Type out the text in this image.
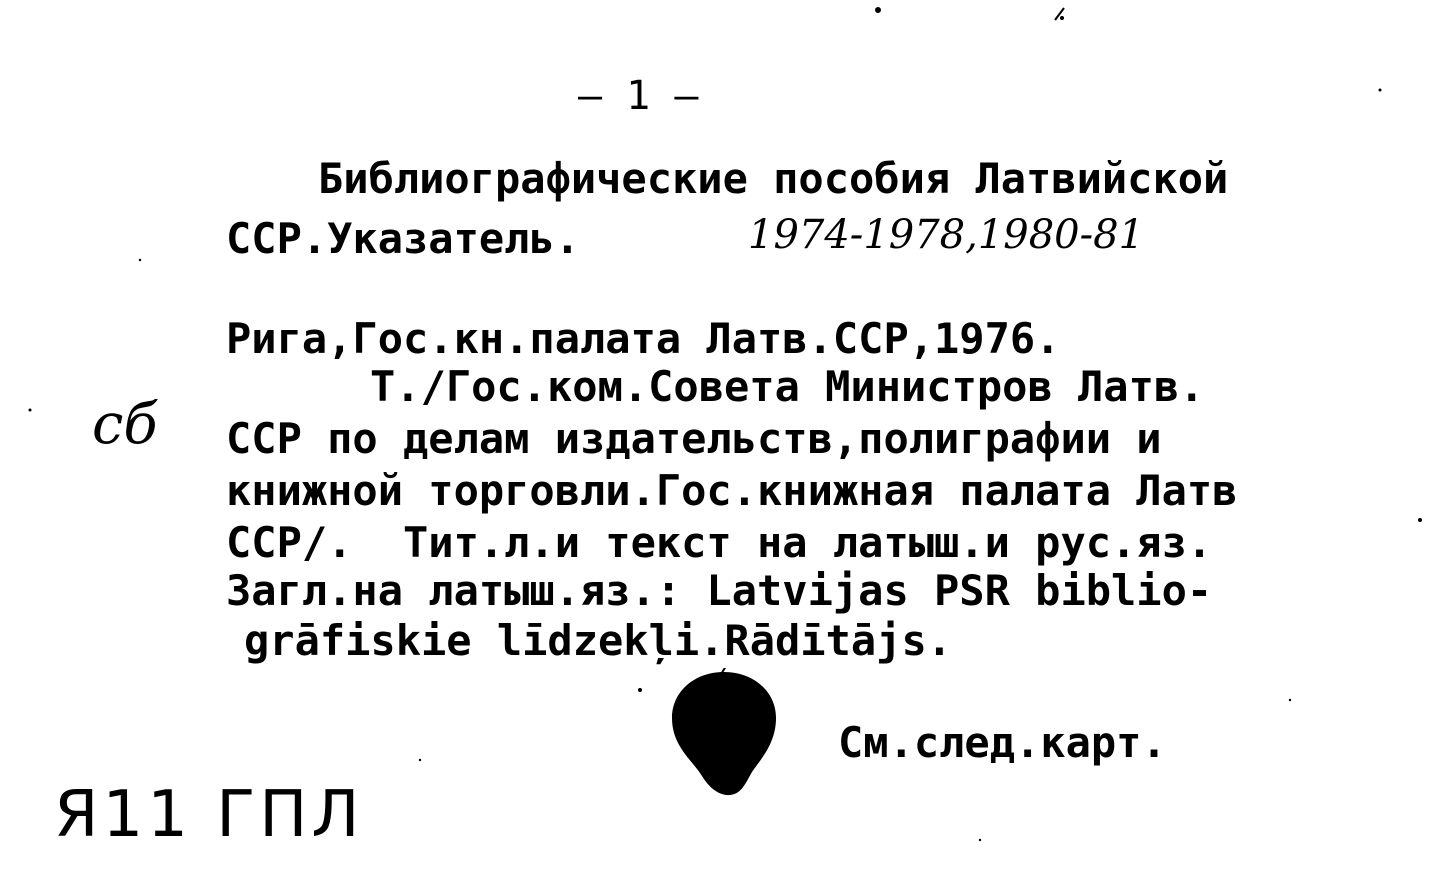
— 1 —
Библиографические пособия Латвийской
ССР.Указатель.	1974-1978,1980-81
Рига,Гос.кн.палата Латв.ССР,1976.
Т./Гос.ком.Совета Министров Латв.
ССР по делам издательств,полиграфии и
книжной торговли.Гос.книжная палата Латв
ССР/.  Тит.л.и текст на латыш.и рус.яз.
Загл.на латыш.яз.: Latvijas PSR biblio-
grāfiskie līdzekļi.Rādītājs.
сб
См.след.карт.
Я11 ГПЛ
